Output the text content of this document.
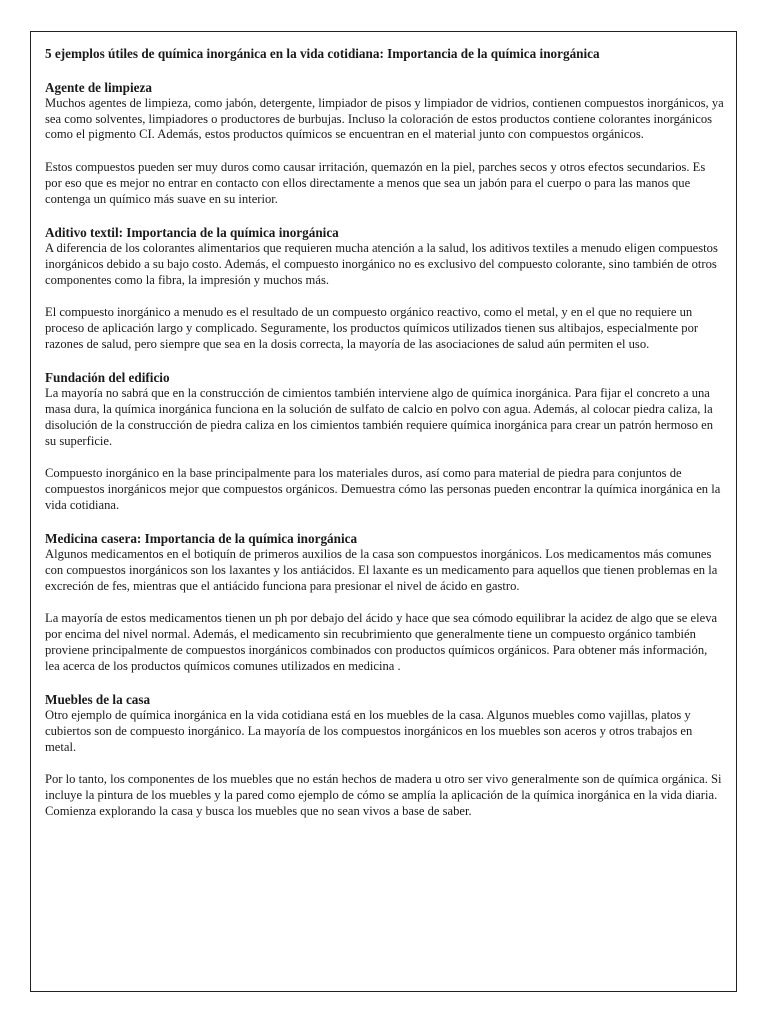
5 ejemplos útiles de química inorgánica en la vida cotidiana: Importancia de la química inorgánica
Agente de limpieza

Muchos agentes de limpieza, como jabón, detergente, limpiador de pisos y limpiador de vidrios, contienen compuestos inorgánicos, ya sea como solventes, limpiadores o productores de burbujas. Incluso la coloración de estos productos contiene colorantes inorgánicos como el pigmento CI. Además, estos productos químicos se encuentran en el material junto con compuestos orgánicos.

Estos compuestos pueden ser muy duros como causar irritación, quemazón en la piel, parches secos y otros efectos secundarios. Es por eso que es mejor no entrar en contacto con ellos directamente a menos que sea un jabón para el cuerpo o para las manos que contenga un químico más suave en su interior.

Aditivo textil: Importancia de la química inorgánica

A diferencia de los colorantes alimentarios que requieren mucha atención a la salud, los aditivos textiles a menudo eligen compuestos inorgánicos debido a su bajo costo. Además, el compuesto inorgánico no es exclusivo del compuesto colorante, sino también de otros componentes como la fibra, la impresión y muchos más.

El compuesto inorgánico a menudo es el resultado de un compuesto orgánico reactivo, como el metal, y en el que no requiere un proceso de aplicación largo y complicado. Seguramente, los productos químicos utilizados tienen sus altibajos, especialmente por razones de salud, pero siempre que sea en la dosis correcta, la mayoría de las asociaciones de salud aún permiten el uso.

Fundación del edificio

La mayoría no sabrá que en la construcción de cimientos también interviene algo de química inorgánica. Para fijar el concreto a una masa dura, la química inorgánica funciona en la solución de sulfato de calcio en polvo con agua. Además, al colocar piedra caliza, la disolución de la construcción de piedra caliza en los cimientos también requiere química inorgánica para crear un patrón hermoso en su superficie.

Compuesto inorgánico en la base principalmente para los materiales duros, así como para material de piedra para conjuntos de compuestos inorgánicos mejor que compuestos orgánicos. Demuestra cómo las personas pueden encontrar la química inorgánica en la vida cotidiana.

Medicina casera: Importancia de la química inorgánica

Algunos medicamentos en el botiquín de primeros auxilios de la casa son compuestos inorgánicos. Los medicamentos más comunes con compuestos inorgánicos son los laxantes y los antiácidos. El laxante es un medicamento para aquellos que tienen problemas en la excreción de fes, mientras que el antiácido funciona para presionar el nivel de ácido en gastro.

La mayoría de estos medicamentos tienen un ph por debajo del ácido y hace que sea cómodo equilibrar la acidez de algo que se eleva por encima del nivel normal. Además, el medicamento sin recubrimiento que generalmente tiene un compuesto orgánico también proviene principalmente de compuestos inorgánicos combinados con productos químicos orgánicos. Para obtener más información, lea acerca de los productos químicos comunes utilizados en medicina .

Muebles de la casa

Otro ejemplo de química inorgánica en la vida cotidiana está en los muebles de la casa. Algunos muebles como vajillas, platos y cubiertos son de compuesto inorgánico. La mayoría de los compuestos inorgánicos en los muebles son aceros y otros trabajos en metal.

Por lo tanto, los componentes de los muebles que no están hechos de madera u otro ser vivo generalmente son de química orgánica. Si incluye la pintura de los muebles y la pared como ejemplo de cómo se amplía la aplicación de la química inorgánica en la vida diaria. Comienza explorando la casa y busca los muebles que no sean vivos a base de saber.
